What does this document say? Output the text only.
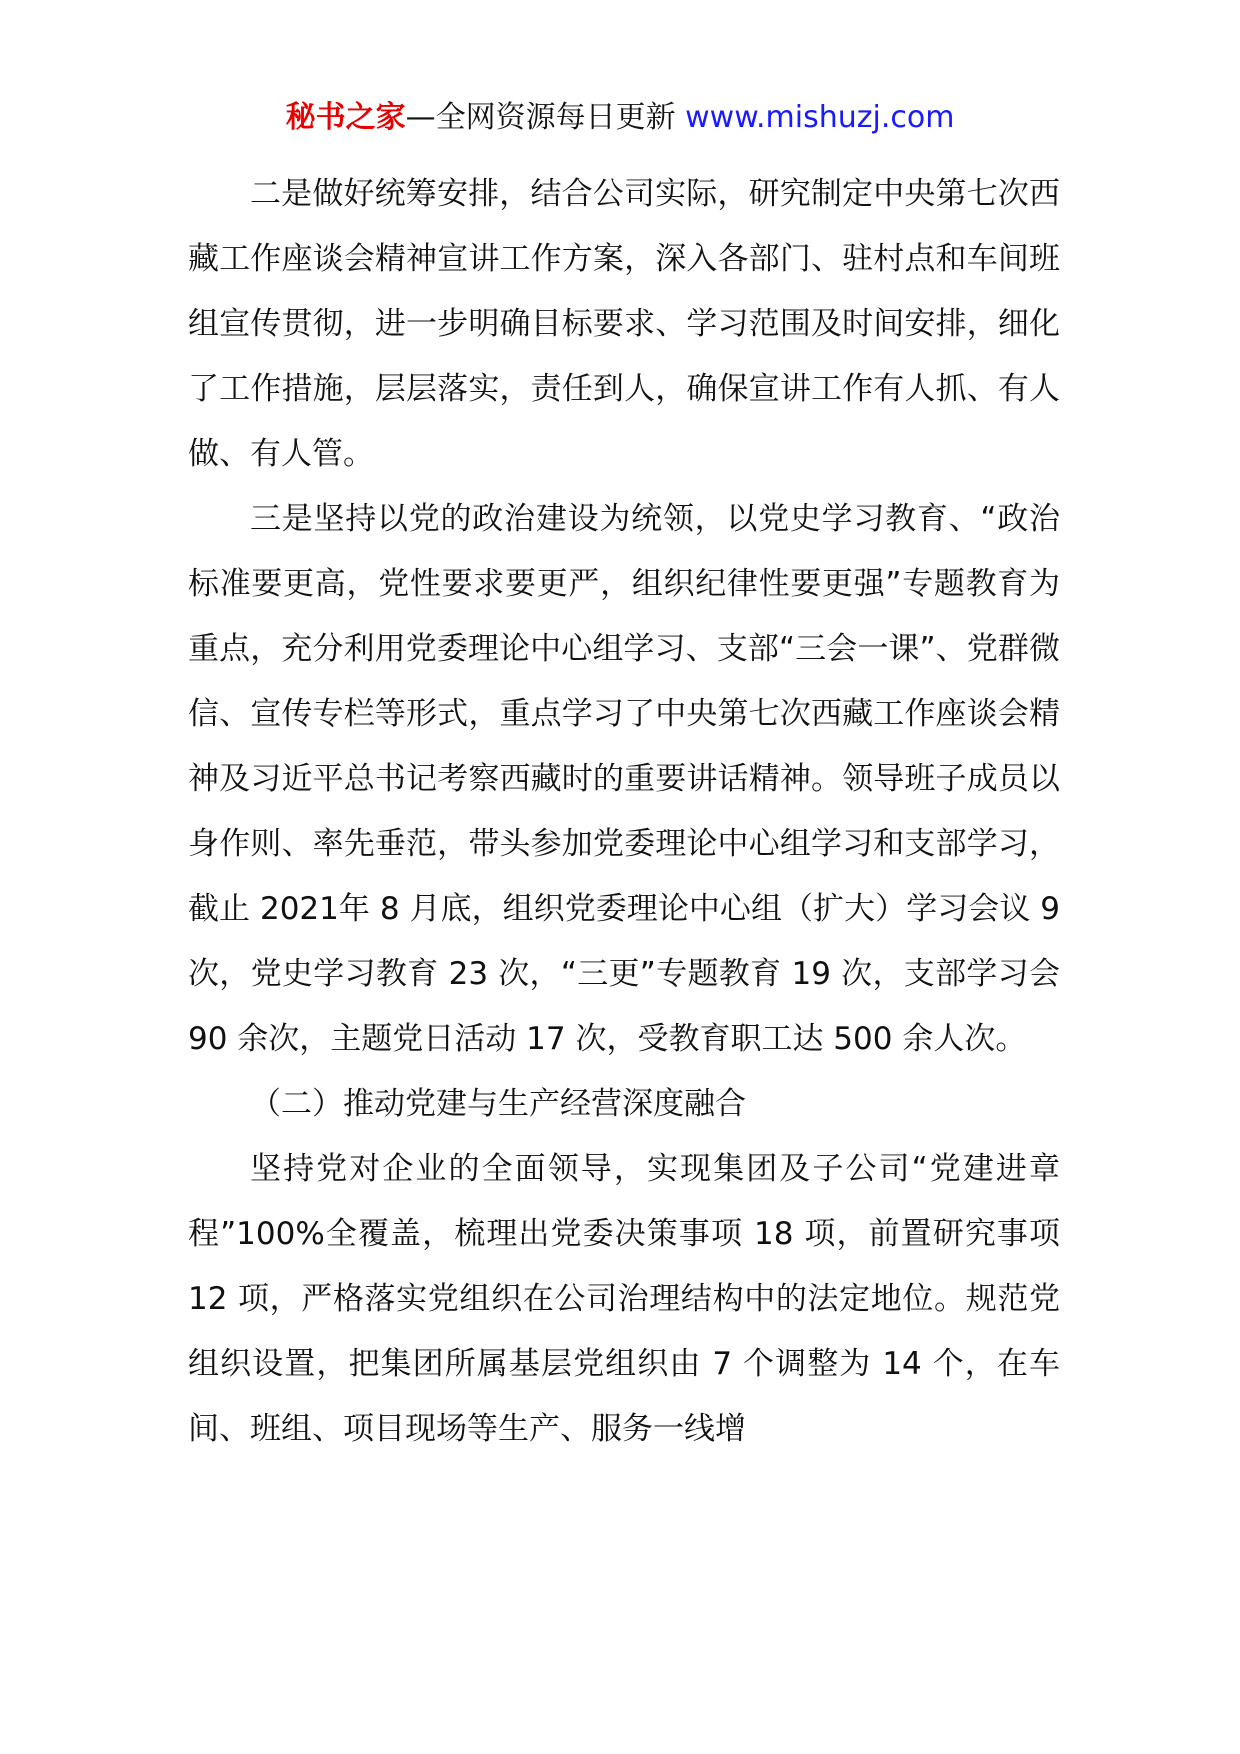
秘书之家—全网资源每日更新 www.mishuzj.com

二是做好统筹安排，结合公司实际，研究制定中央第七次西藏工作座谈会精神宣讲工作方案，深入各部门、驻村点和车间班组宣传贯彻，进一步明确目标要求、学习范围及时间安排，细化了工作措施，层层落实，责任到人，确保宣讲工作有人抓、有人做、有人管。

三是坚持以党的政治建设为统领，以党史学习教育、“政治标准要更高，党性要求要更严，组织纪律性要更强”专题教育为重点，充分利用党委理论中心组学习、支部“三会一课”、党群微信、宣传专栏等形式，重点学习了中央第七次西藏工作座谈会精神及习近平总书记考察西藏时的重要讲话精神。领导班子成员以身作则、率先垂范，带头参加党委理论中心组学习和支部学习，截止 2021年 8 月底，组织党委理论中心组（扩大）学习会议 9 次，党史学习教育 23 次，“三更”专题教育 19 次，支部学习会 90 余次，主题党日活动 17 次，受教育职工达 500 余人次。

（二）推动党建与生产经营深度融合

坚持党对企业的全面领导，实现集团及子公司“党建进章程”100%全覆盖，梳理出党委决策事项 18 项，前置研究事项 12 项，严格落实党组织在公司治理结构中的法定地位。规范党组织设置，把集团所属基层党组织由 7 个调整为 14 个，在车间、班组、项目现场等生产、服务一线增
